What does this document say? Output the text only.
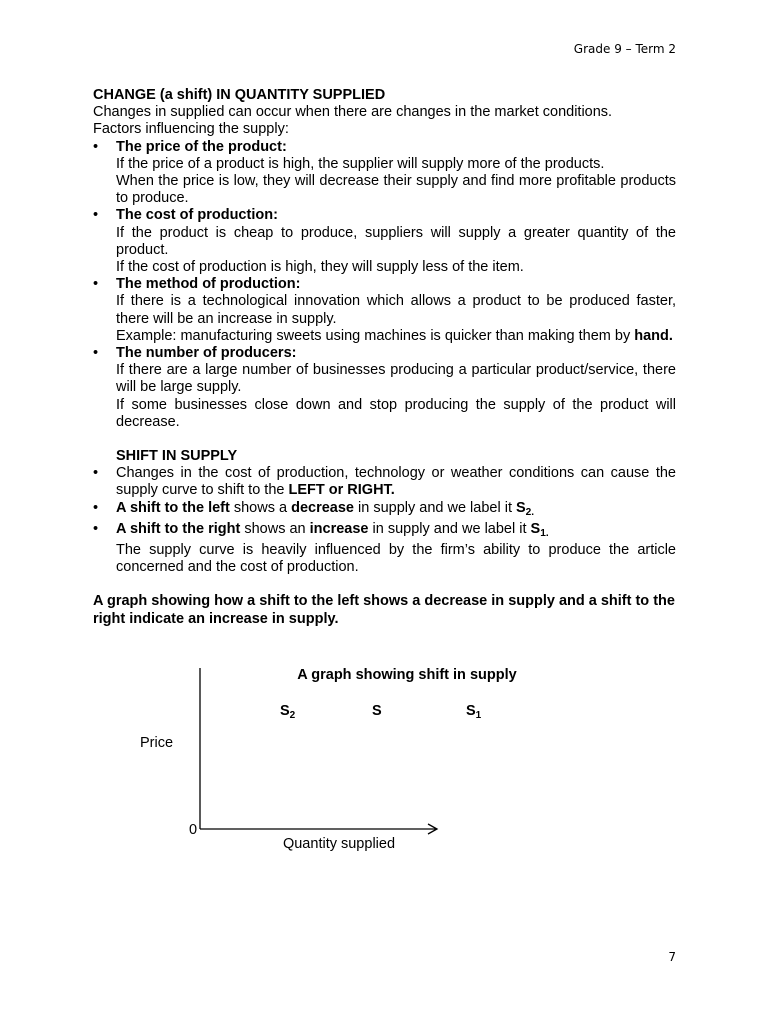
Grade 9 – Term 2
CHANGE (a shift) IN QUANTITY SUPPLIED
Changes in supplied can occur when there are changes in the market conditions.
Factors influencing the supply:
• The price of the product:
If the price of a product is high, the supplier will supply more of the products.
When the price is low, they will decrease their supply and find more profitable products to produce.
• The cost of production:
If the product is cheap to produce, suppliers will supply a greater quantity of the product.
If the cost of production is high, they will supply less of the item.
• The method of production:
If there is a technological innovation which allows a product to be produced faster, there will be an increase in supply.
Example: manufacturing sweets using machines is quicker than making them by hand.
• The number of producers:
If there are a large number of businesses producing a particular product/service, there will be large supply.
If some businesses close down and stop producing the supply of the product will decrease.
SHIFT IN SUPPLY
• Changes in the cost of production, technology or weather conditions can cause the supply curve to shift to the LEFT or RIGHT.
• A shift to the left shows a decrease in supply and we label it $S_{2.}$
• A shift to the right shows an increase in supply and we label it $S_{1.}$
The supply curve is heavily influenced by the firm’s ability to produce the article concerned and the cost of production.
A graph showing how a shift to the left shows a decrease in supply and a shift to the right indicate an increase in supply.
A graph showing shift in supply
$S_2$	S	$S_1$
Price
0
Quantity supplied
7
